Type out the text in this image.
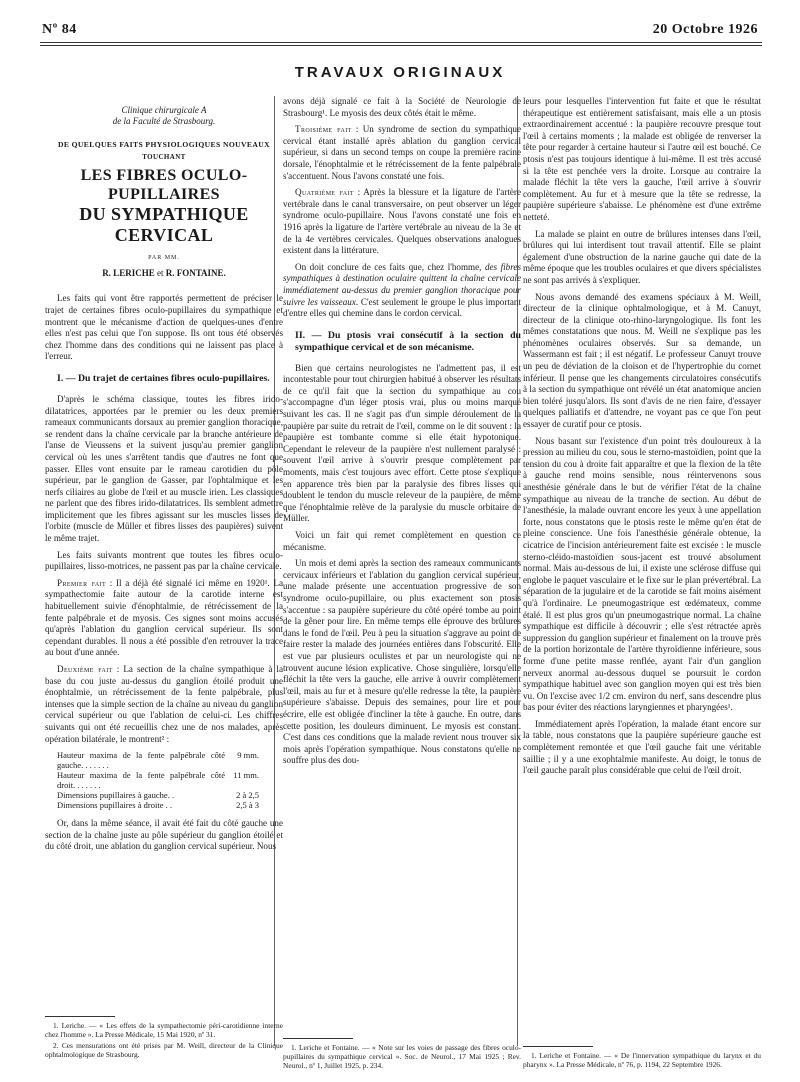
Nº 84	20 Octobre 1926
TRAVAUX ORIGINAUX
Clinique chirurgicale A
de la Faculté de Strasbourg.
DE QUELQUES FAITS PHYSIOLOGIQUES NOUVEAUX
TOUCHANT
LES FIBRES OCULO-PUPILLAIRES
DU SYMPATHIQUE CERVICAL
PAR MM.
R. LERICHE et R. FONTAINE.

Les faits qui vont être rapportés permettent de préciser le trajet de certaines fibres oculo-pupillaires du sympathique et montrent que le mécanisme d'action de quelques-unes d'entre elles n'est pas celui que l'on suppose. Ils ont tous été observés chez l'homme dans des conditions qui ne laissent pas place à l'erreur.

I. — Du trajet de certaines fibres oculo-pupillaires.

D'après le schéma classique, toutes les fibres irido-dilatatrices, apportées par le premier ou les deux premiers rameaux communicants dorsaux au premier ganglion thoracique, se rendent dans la chaîne cervicale par la branche antérieure de l'anse de Vieussens et la suivent jusqu'au premier ganglion cervical où les unes s'arrêtent tandis que d'autres ne font que passer. Elles vont ensuite par le rameau carotidien du pôle supérieur, par le ganglion de Gasser, par l'ophtalmique et les nerfs ciliaires au globe de l'œil et au muscle irien. Les classiques ne parlent que des fibres irido-dilatatrices. Ils semblent admettre implicitement que les fibres agissant sur les muscles lisses de l'orbite (muscle de Müller et fibres lisses des paupières) suivent le même trajet.

Les faits suivants montrent que toutes les fibres oculo-pupillaires, lisso-motrices, ne passent pas par la chaîne cervicale.

Premier fait : Il a déjà été signalé ici même en 1920¹. La sympathectomie faite autour de la carotide interne est habituellement suivie d'énophtalmie, de rétrécissement de la fente palpébrale et de myosis. Ces signes sont moins accusés qu'après l'ablation du ganglion cervical supérieur. Ils sont cependant durables. Il nous a été possible d'en retrouver la trace au bout d'une année.

Deuxième fait : La section de la chaîne sympathique à la base du cou juste au-dessus du ganglion étoilé produit une énophtalmie, un rétrécissement de la fente palpébrale, plus intenses que la simple section de la chaîne au niveau du ganglion cervical supérieur ou que l'ablation de celui-ci. Les chiffres suivants qui ont été recueillis chez une de nos malades, après opération bilatérale, le montrent² :

Hauteur maxima de la fente palpébrale côté gauche. . . . . . .	9 mm.
Hauteur maxima de la fente palpébrale côté droit. . . . . . .	11 mm.
Dimensions pupillaires à gauche. .	2 à 2,5
Dimensions pupillaires à droite . .	2,5 à 3

Or, dans la même séance, il avait été fait du côté gauche une section de la chaîne juste au pôle supérieur du ganglion étoilé et du côté droit, une ablation du ganglion cervical supérieur. Nous

1. Leriche. — « Les effets de la sympathectomie péri-carotidienne interne chez l'homme ». La Presse Médicale, 15 Mai 1920, nº 31.

2. Ces mensurations ont été prises par M. Weill, directeur de la Clinique ophtalmologique de Strasbourg.

avons déjà signalé ce fait à la Société de Neurologie de Strasbourg¹. Le myosis des deux côtés était le même.

Troisième fait : Un syndrome de section du sympathique cervical étant installé après ablation du ganglion cervical supérieur, si dans un second temps on coupe la première racine dorsale, l'énophtalmie et le rétrécissement de la fente palpébrale s'accentuent. Nous l'avons constaté une fois.

Quatrième fait : Après la blessure et la ligature de l'artère vertébrale dans le canal transversaire, on peut observer un léger syndrome oculo-pupillaire. Nous l'avons constaté une fois en 1916 après la ligature de l'artère vertébrale au niveau de la 3e et de la 4e vertèbres cervicales. Quelques observations analogues existent dans la littérature.

On doit conclure de ces faits que, chez l'homme, des fibres sympathiques à destination oculaire quittent la chaîne cervicale immédiatement au-dessus du premier ganglion thoracique pour suivre les vaisseaux. C'est seulement le groupe le plus important d'entre elles qui chemine dans le cordon cervical.

II. — Du ptosis vrai consécutif à la section du sympathique cervical et de son mécanisme.

Bien que certains neurologistes ne l'admettent pas, il est incontestable pour tout chirurgien habitué à observer les résultats de ce qu'il fait que la section du sympathique au cou s'accompagne d'un léger ptosis vrai, plus ou moins marqué suivant les cas. Il ne s'agit pas d'un simple déroulement de la paupière par suite du retrait de l'œil, comme on le dit souvent : la paupière est tombante comme si elle était hypotonique. Cependant le releveur de la paupière n'est nullement paralysé : souvent l'œil arrive à s'ouvrir presque complètement par moments, mais c'est toujours avec effort. Cette ptose s'explique en apparence très bien par la paralysie des fibres lisses qui doublent le tendon du muscle releveur de la paupière, de même que l'énophtalmie relève de la paralysie du muscle orbitaire de Müller.

Voici un fait qui remet complètement en question ce mécanisme.

Un mois et demi après la section des rameaux communicants cervicaux inférieurs et l'ablation du ganglion cervical supérieur, une malade présente une accentuation progressive de son syndrome oculo-pupillaire, ou plus exactement son ptosis s'accentue : sa paupière supérieure du côté opéré tombe au point de la gêner pour lire. En même temps elle éprouve des brûlures dans le fond de l'œil. Peu à peu la situation s'aggrave au point de faire rester la malade des journées entières dans l'obscurité. Elle est vue par plusieurs oculistes et par un neurologiste qui ne trouvent aucune lésion explicative. Chose singulière, lorsqu'elle fléchit la tête vers la gauche, elle arrive à ouvrir complètement l'œil, mais au fur et à mesure qu'elle redresse la tête, la paupière supérieure s'abaisse. Depuis des semaines, pour lire et pour écrire, elle est obligée d'incliner la tête à gauche. En outre, dans cette position, les douleurs diminuent. Le myosis est constant. C'est dans ces conditions que la malade revient nous trouver six mois après l'opération sympathique. Nous constatons qu'elle ne souffre plus des dou-

1. Leriche et Fontaine. — « Note sur les voies de passage des fibres oculo-pupillaires du sympathique cervical ». Soc. de Neurol., 17 Mai 1925 ; Rev. Neurol., nº 1, Juillet 1925, p. 234.

leurs pour lesquelles l'intervention fut faite et que le résultat thérapeutique est entièrement satisfaisant, mais elle a un ptosis extraordinairement accentué : la paupière recouvre presque tout l'œil à certains moments ; la malade est obligée de renverser la tête pour regarder à certaine hauteur si l'autre œil est bouché. Ce ptosis n'est pas toujours identique à lui-même. Il est très accusé si la tête est penchée vers la droite. Lorsque au contraire la malade fléchit la tête vers la gauche, l'œil arrive à s'ouvrir complètement. Au fur et à mesure que la tête se redresse, la paupière supérieure s'abaisse. Le phénomène est d'une extrême netteté.

La malade se plaint en outre de brûlures intenses dans l'œil, brûlures qui lui interdisent tout travail attentif. Elle se plaint également d'une obstruction de la narine gauche qui date de la même époque que les troubles oculaires et que divers spécialistes ne sont pas arrivés à s'expliquer.

Nous avons demandé des examens spéciaux à M. Weill, directeur de la clinique ophtalmologique, et à M. Canuyt, directeur de la clinique oto-rhino-laryngologique. Ils font les mêmes constatations que nous. M. Weill ne s'explique pas les phénomènes oculaires observés. Sur sa demande, un Wassermann est fait ; il est négatif. Le professeur Canuyt trouve un peu de déviation de la cloison et de l'hypertrophie du cornet inférieur. Il pense que les changements circulatoires consécutifs à la section du sympathique ont révélé un état anatomique ancien bien toléré jusqu'alors. Ils sont d'avis de ne rien faire, d'essayer quelques palliatifs et d'attendre, ne voyant pas ce que l'on peut essayer de curatif pour ce ptosis.

Nous basant sur l'existence d'un point très douloureux à la pression au milieu du cou, sous le sterno-mastoïdien, point que la tension du cou à droite fait apparaître et que la flexion de la tête à gauche rend moins sensible, nous réintervenons sous anesthésie générale dans le but de vérifier l'état de la chaîne sympathique au niveau de la tranche de section. Au début de l'anesthésie, la malade ouvrant encore les yeux à une appellation forte, nous constatons que le ptosis reste le même qu'en état de pleine conscience. Une fois l'anesthésie générale obtenue, la cicatrice de l'incision antérieurement faite est excisée : le muscle sterno-cléido-mastoïdien sous-jacent est trouvé absolument normal. Mais au-dessous de lui, il existe une sclérose diffuse qui englobe le paquet vasculaire et le fixe sur le plan prévertébral. La séparation de la jugulaire et de la carotide se fait moins aisément qu'à l'ordinaire. Le pneumogastrique est œdémateux, comme étalé. Il est plus gros qu'un pneumogastrique normal. La chaîne sympathique est difficile à découvrir ; elle s'est rétractée après suppression du ganglion supérieur et finalement on la trouve près de la portion horizontale de l'artère thyroïdienne inférieure, sous forme d'une petite masse renflée, ayant l'air d'un ganglion nerveux anormal au-dessous duquel se poursuit le cordon sympathique habituel avec son ganglion moyen qui est très bien vu. On l'excise avec 1/2 cm. environ du nerf, sans descendre plus bas pour éviter des réactions laryngiennes et pharyngées¹.

Immédiatement après l'opération, la malade étant encore sur la table, nous constatons que la paupière supérieure gauche est complètement remontée et que l'œil gauche fait une véritable saillie ; il y a une exophtalmie manifeste. Au doigt, le tonus de l'œil gauche paraît plus considérable que celui de l'œil droit.

1. Leriche et Fontaine. — « De l'innervation sympathique du larynx et du pharynx ». La Presse Médicale, nº 76, p. 1194, 22 Septembre 1926.
